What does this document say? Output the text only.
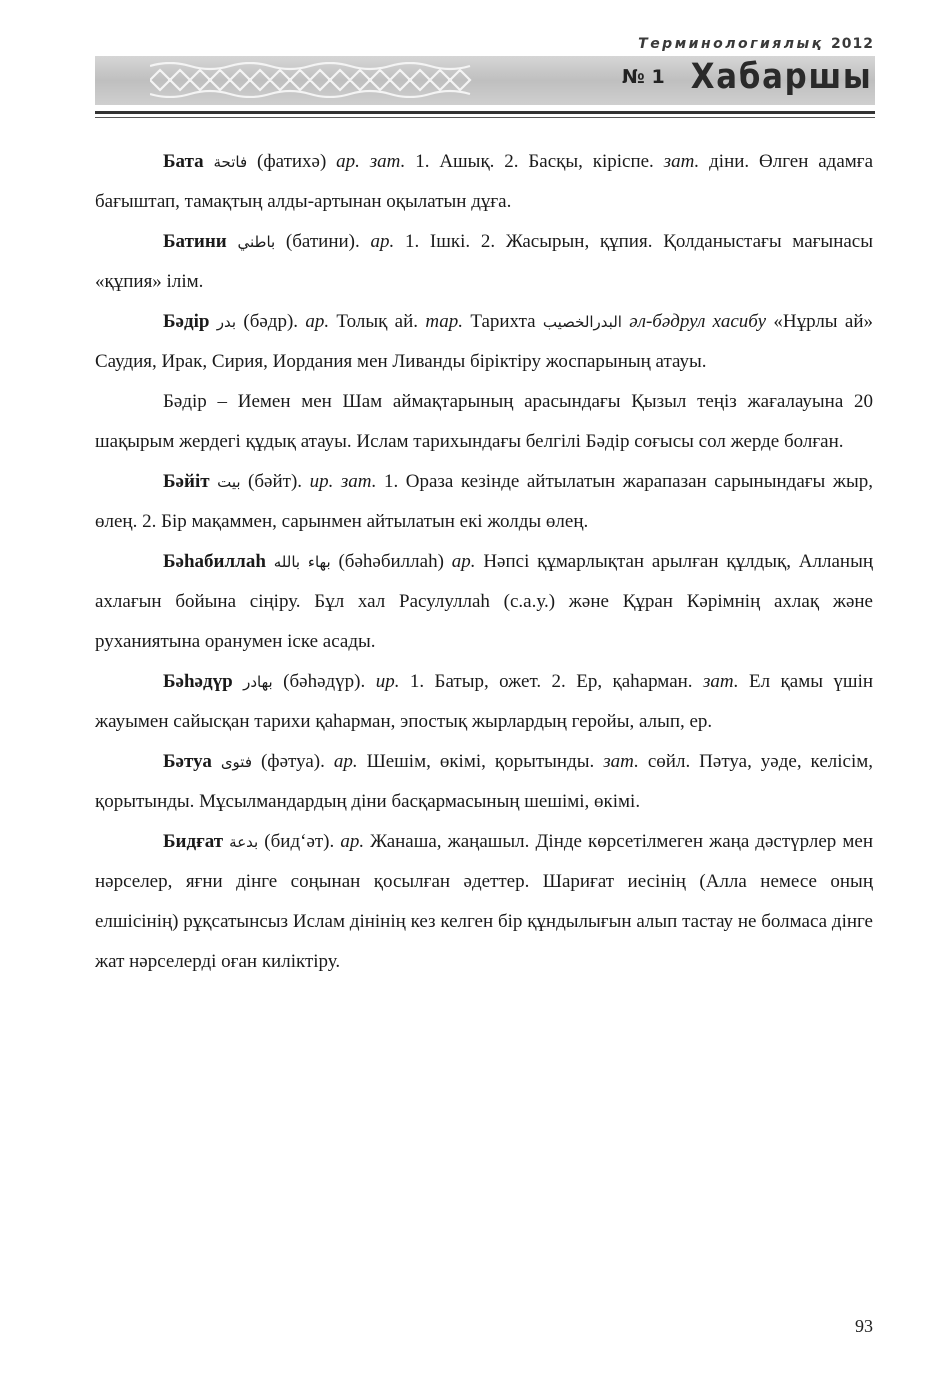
Терминологиялық 2012
№ 1 Хабаршы

Бата فاتحة (фатихә) ар. зат. 1. Ашық. 2. Басқы, кіріспе. зат. діни. Өлген адамға бағыштап, тамақтың алды-артынан оқылатын дұға.

Батини باطني (батини). ар. 1. Ішкі. 2. Жасырын, құпия. Қолданыстағы мағынасы «құпия» ілім.

Бәдір بدر (бәдр). ар. Толық ай. тар. Тарихта البدرالخصيب әл-бәдрул хасибу «Нұрлы ай» Саудия, Ирак, Сирия, Иордания мен Ливанды біріктіру жоспарының атауы.

Бәдір – Иемен мен Шам аймақтарының арасындағы Қызыл теңіз жағалауына 20 шақырым жердегі құдық атауы. Ислам тарихындағы белгілі Бәдір соғысы сол жерде болған.

Бәйіт بيت (бәйт). ир. зат. 1. Ораза кезінде айтылатын жарапазан сарынындағы жыр, өлең. 2. Бір мақаммен, сарынмен айтылатын екі жолды өлең.

Бәһабиллаһ بهاء بالله (бәһәбиллаһ) ар. Нәпсі құмарлықтан арылған құлдық, Алланың ахлағын бойына сіңіру. Бұл хал Расулуллаһ (с.а.у.) және Құран Кәрімнің ахлақ және руханиятына оранумен іске асады.

Бәһәдүр بهادر (бәһәдүр). ир. 1. Батыр, ожет. 2. Ер, қаһарман. зат. Ел қамы үшін жауымен сайысқан тарихи қаһарман, эпостық жырлардың геройы, алып, ер.

Бәтуа فتوى (фәтуа). ар. Шешім, өкімі, қорытынды. зат. сөйл. Пәтуа, уәде, келісім, қорытынды. Мұсылмандардың діни басқармасының шешімі, өкімі.

Бидғат بدعة (бид‘әт). ар. Жанаша, жаңашыл. Дінде көрсетілмеген жаңа дәстүрлер мен нәрселер, яғни дінге соңынан қосылған әдеттер. Шариғат иесінің (Алла немесе оның елшісінің) рұқсатынсыз Ислам дінінің кез келген бір құндылығын алып тастау не болмаса дінге жат нәрселерді оған киліктіру.

93
